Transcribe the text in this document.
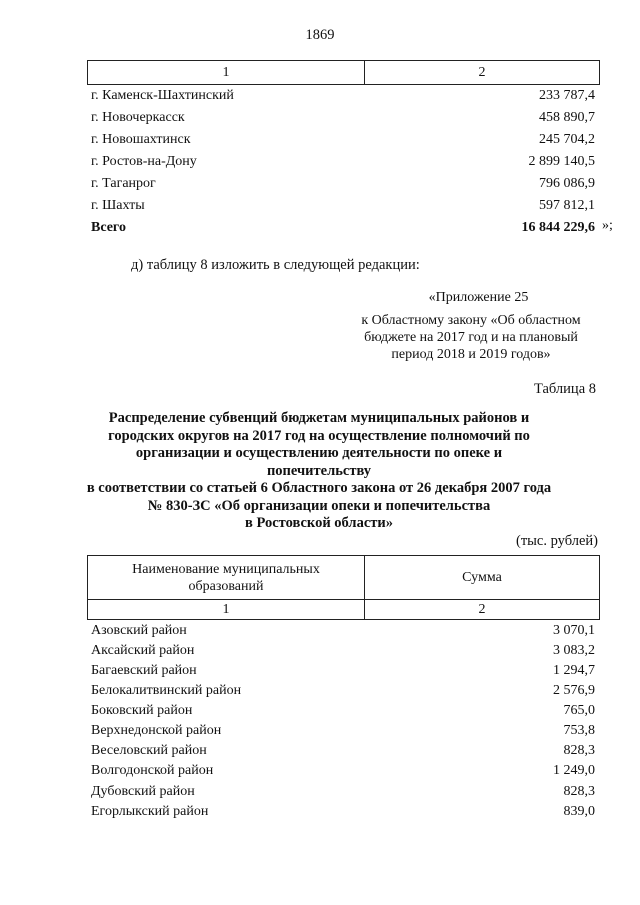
1869
1	2
г. Каменск-Шахтинский	233 787,4
г. Новочеркасск	458 890,7
г. Новошахтинск	245 704,2
г. Ростов-на-Дону	2 899 140,5
г. Таганрог	796 086,9
г. Шахты	597 812,1
Всего	16 844 229,6 »;
д) таблицу 8 изложить в следующей редакции:
«Приложение 25
к Областному закону «Об областном
бюджете на 2017 год и на плановый
период 2018 и 2019 годов»
Таблица 8
Распределение субвенций бюджетам муниципальных районов и
городских округов на 2017 год на осуществление полномочий по
организации и осуществлению деятельности по опеке и попечительству
в соответствии со статьей 6 Областного закона от 26 декабря 2007 года
№ 830-ЗС «Об организации опеки и попечительства
в Ростовской области»
(тыс. рублей)
Наименование муниципальных
образований	Сумма
1	2
Азовский район	3 070,1
Аксайский район	3 083,2
Багаевский район	1 294,7
Белокалитвинский район	2 576,9
Боковский район	765,0
Верхнедонской район	753,8
Веселовский район	828,3
Волгодонской район	1 249,0
Дубовский район	828,3
Егорлыкский район	839,0
